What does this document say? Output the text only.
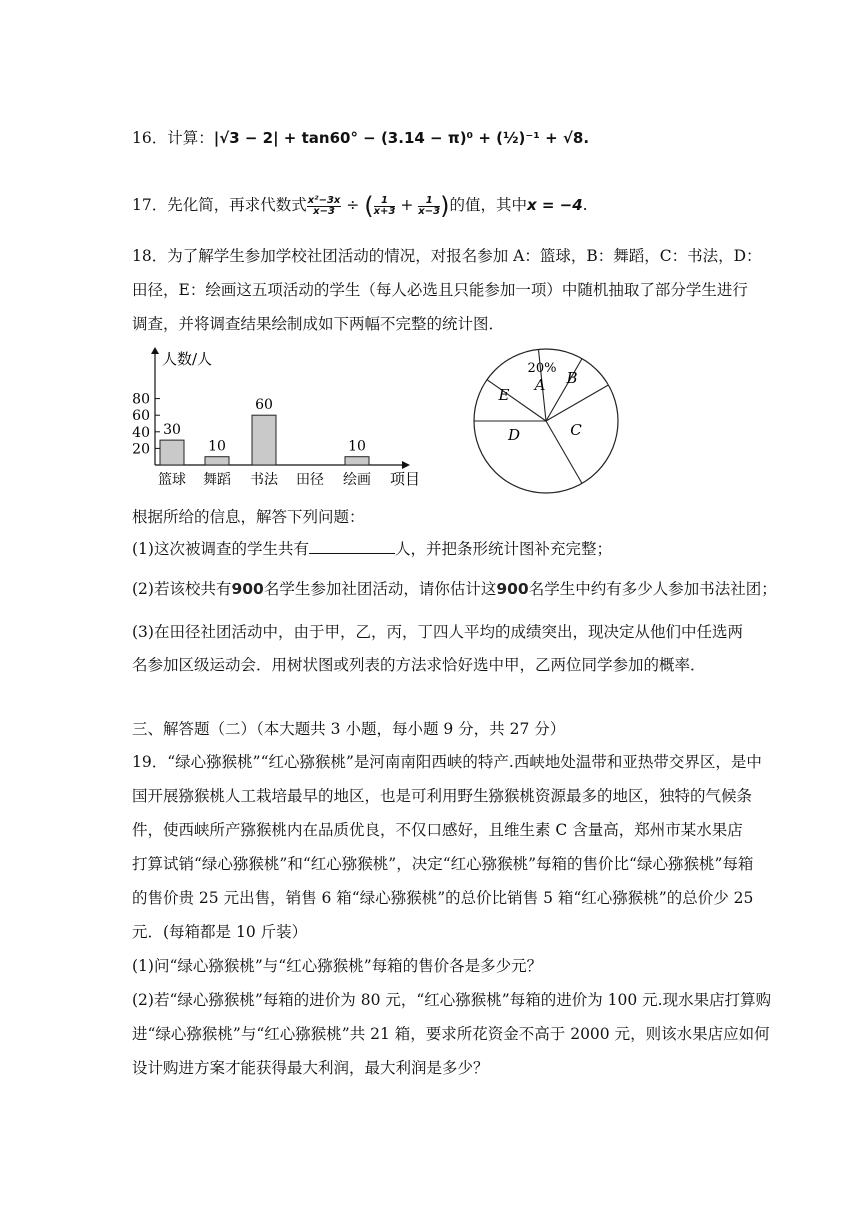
16．计算：|√3 − 2| + tan60° − (3.14 − π)⁰ + (½)⁻¹ + √8.
17．先化简，再求代数式 $\frac{\text{x²−3x}}{x-3}$ ÷ ( $\frac{1}{x+3} + \frac{1}{x-3}$ )的值，其中x = −4.
18．为了解学生参加学校社团活动的情况，对报名参加 A：篮球，B：舞蹈，C：书法，D：
田径，E：绘画这五项活动的学生（每人必选且只能参加一项）中随机抽取了部分学生进行
调查，并将调查结果绘制成如下两幅不完整的统计图．
人数/人
项目
20
40
60
80
篮球
30
舞蹈
10
书法
60
田径 绘画
10
A B
C
D
E
20%
根据所给的信息，解答下列问题：
(1)这次被调查的学生共有	人，并把条形统计图补充完整；
(2)若该校共有900名学生参加社团活动，请你估计这900名学生中约有多少人参加书法社团；
(3)在田径社团活动中，由于甲，乙，丙，丁四人平均的成绩突出，现决定从他们中任选两
名参加区级运动会．用树状图或列表的方法求恰好选中甲，乙两位同学参加的概率．
三、解答题（二）（本大题共 3 小题，每小题 9 分，共 27 分）
19．“绿心猕猴桃”“红心猕猴桃”是河南南阳西峡的特产.西峡地处温带和亚热带交界区，是中
国开展猕猴桃人工栽培最早的地区，也是可利用野生猕猴桃资源最多的地区，独特的气候条
件，使西峡所产猕猴桃内在品质优良，不仅口感好，且维生素 C 含量高，郑州市某水果店
打算试销“绿心猕猴桃”和“红心猕猴桃”，决定“红心猕猴桃”每箱的售价比“绿心猕猴桃”每箱
的售价贵 25 元出售，销售 6 箱“绿心猕猴桃”的总价比销售 5 箱“红心猕猴桃”的总价少 25
元．(每箱都是 10 斤装）
(1)问“绿心猕猴桃”与“红心猕猴桃”每箱的售价各是多少元？
(2)若“绿心猕猴桃”每箱的进价为 80 元，“红心猕猴桃”每箱的进价为 100 元.现水果店打算购
进“绿心猕猴桃”与“红心猕猴桃”共 21 箱，要求所花资金不高于 2000 元，则该水果店应如何
设计购进方案才能获得最大利润，最大利润是多少？
